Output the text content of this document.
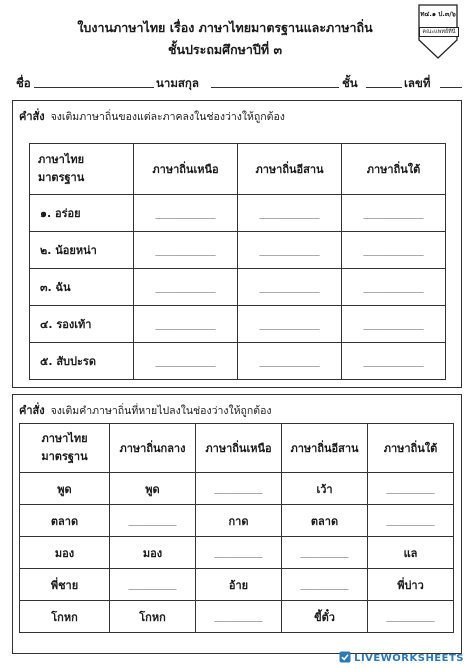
ใบงานภาษาไทย เรื่อง ภาษาไทยมาตรฐานและภาษาถิ่น
ชั้นประถมศึกษาปีที่ ๓
ท๔.๑ ป.๓/๖
คณะแพทย์ที่นี
ชื่อ	นามสกุล	ชั้น	เลขที่
คำสั่ง จงเติมภาษาถิ่นของแต่ละภาคลงในช่องว่างให้ถูกต้อง
ภาษาไทย
มาตรฐาน	ภาษาถิ่นเหนือ	ภาษาถิ่นอีสาน	ภาษาถิ่นใต้
๑. อร่อย	__________	__________	__________
๒. น้อยหน่า	__________	__________	__________
๓. ฉัน	__________	__________	__________
๔. รองเท้า	__________	__________	__________
๕. สับปะรด	__________	__________	__________
คำสั่ง จงเติมคำภาษาถิ่นที่หายไปลงในช่องว่างให้ถูกต้อง
ภาษาไทย
มาตรฐาน	ภาษาถิ่นกลาง	ภาษาถิ่นเหนือ	ภาษาถิ่นอีสาน	ภาษาถิ่นใต้
พูด	พูด	________	เว้า	________
ตลาด	________	กาด	ตลาด	________
มอง	มอง	________	________	แล
พี่ชาย	________	อ้าย	________	พี่บ่าว
โกหก	โกหก	________	ขี้ตั๋ว	________
LIVEWORKSHEETS
